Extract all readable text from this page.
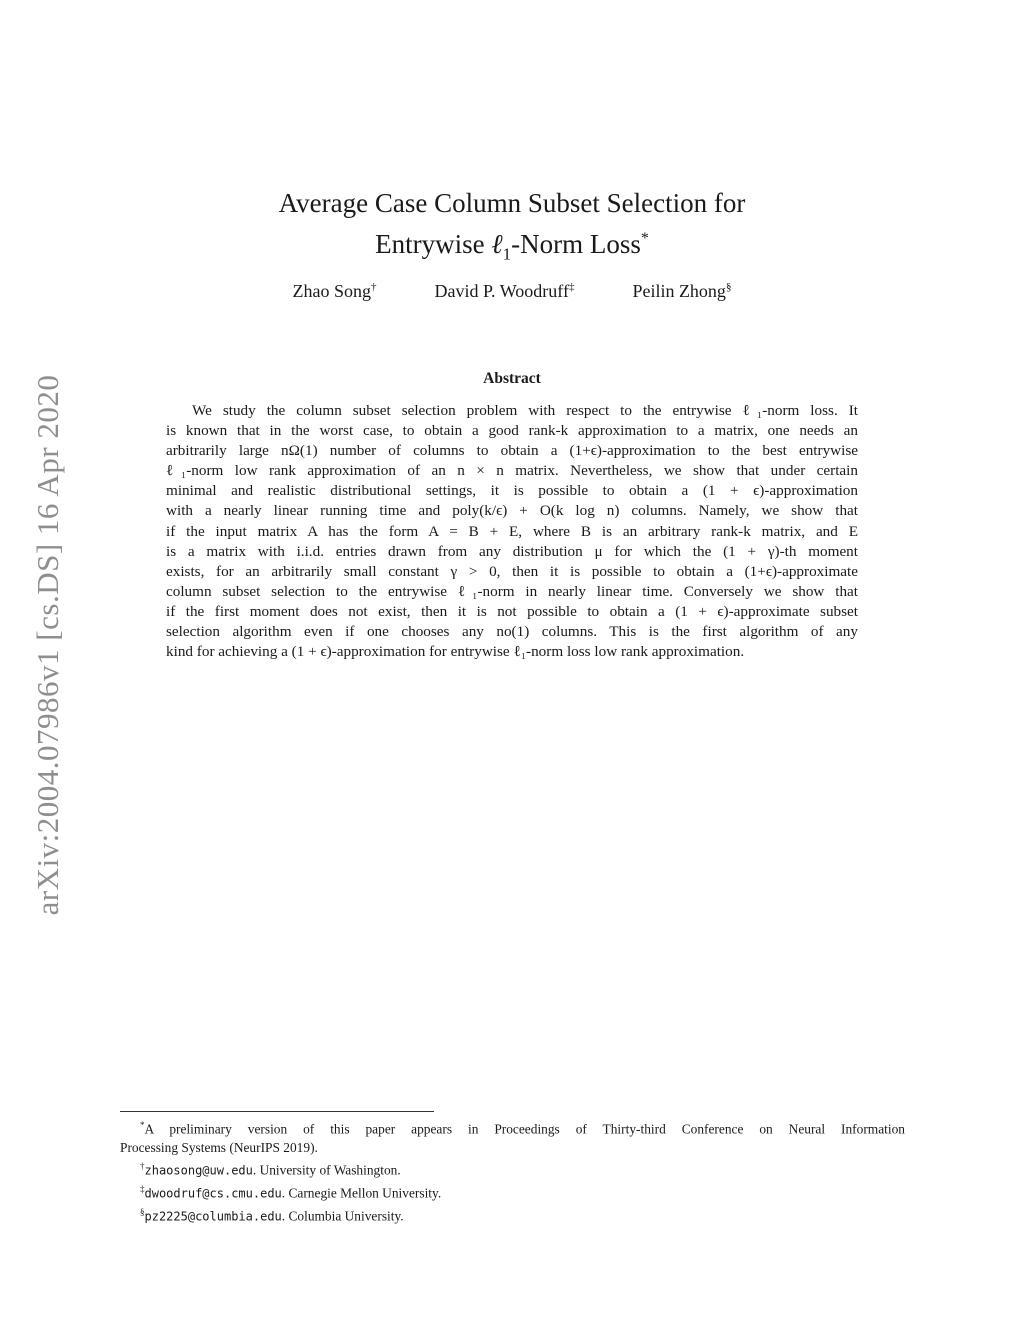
arXiv:2004.07986v1 [cs.DS] 16 Apr 2020
Average Case Column Subset Selection for
Entrywise ℓ$_1$-Norm Loss*
Zhao Song†	David P. Woodruff‡	Peilin Zhong§
Abstract
We study the column subset selection problem with respect to the entrywise ℓ₁-norm loss. It
is known that in the worst case, to obtain a good rank-k approximation to a matrix, one needs an
arbitrarily large nΩ(1) number of columns to obtain a (1+ϵ)-approximation to the best entrywise
ℓ₁-norm low rank approximation of an n × n matrix. Nevertheless, we show that under certain
minimal and realistic distributional settings, it is possible to obtain a (1 + ϵ)-approximation
with a nearly linear running time and poly(k/ϵ) + O(k log n) columns. Namely, we show that
if the input matrix A has the form A = B + E, where B is an arbitrary rank-k matrix, and E
is a matrix with i.i.d. entries drawn from any distribution μ for which the (1 + γ)-th moment
exists, for an arbitrarily small constant γ > 0, then it is possible to obtain a (1+ϵ)-approximate
column subset selection to the entrywise ℓ₁-norm in nearly linear time. Conversely we show that
if the first moment does not exist, then it is not possible to obtain a (1 + ϵ)-approximate subset
selection algorithm even if one chooses any no(1) columns. This is the first algorithm of any
kind for achieving a (1 + ϵ)-approximation for entrywise ℓ₁-norm loss low rank approximation.
*A preliminary version of this paper appears in Proceedings of Thirty-third Conference on Neural Information
Processing Systems (NeurIPS 2019).
†zhaosong@uw.edu. University of Washington.
‡dwoodruf@cs.cmu.edu. Carnegie Mellon University.
§pz2225@columbia.edu. Columbia University.
